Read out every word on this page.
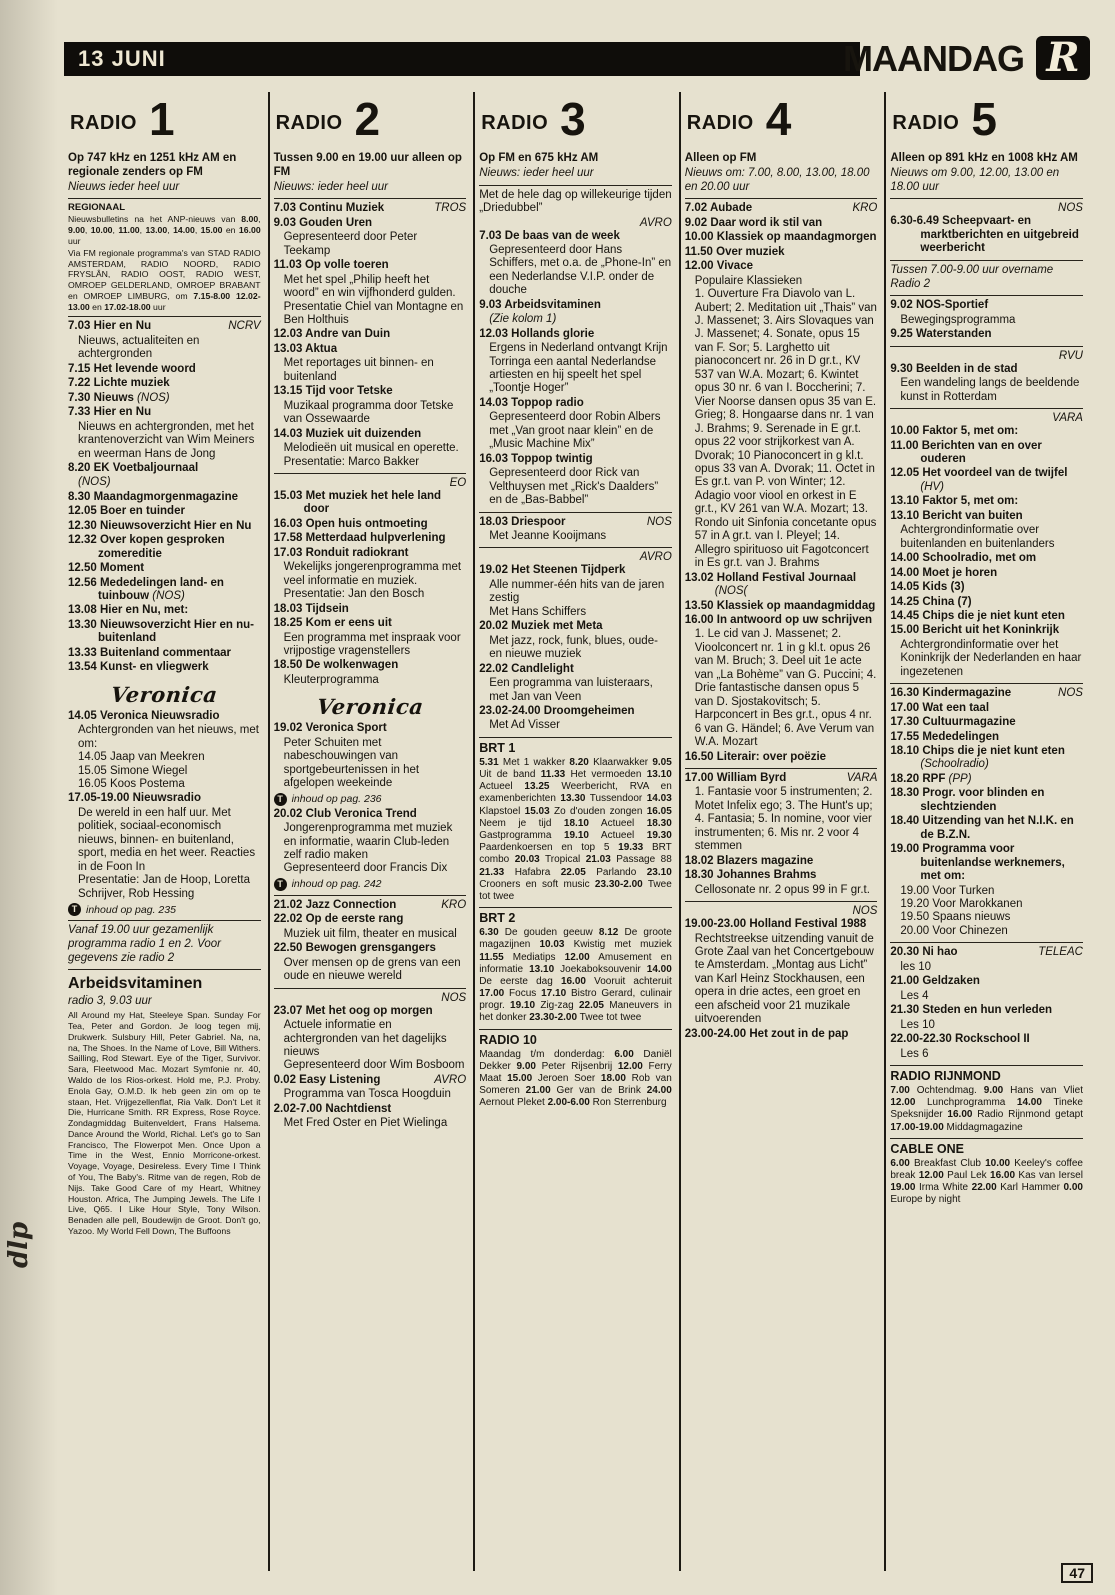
13 JUNI	MAANDAG R
RADIO 1
Op 747 kHz en 1251 kHz AM en regionale zenders op FM
Nieuws ieder heel uur
REGIONAAL
Nieuwsbulletins na het ANP-nieuws van 8.00, 9.00, 10.00, 11.00, 13.00, 14.00, 15.00 en 16.00 uur
Via FM regionale programma's van STAD RADIO AMSTERDAM, RADIO NOORD, RADIO FRYSLÂN, RADIO OOST, RADIO WEST, OMROEP GELDERLAND, OMROEP BRABANT en OMROEP LIMBURG, om 7.15-8.00 12.02-13.00 en 17.02-18.00 uur
NCRV
7.03 Hier en Nu
Nieuws, actualiteiten en achtergronden
7.15 Het levende woord
7.22 Lichte muziek
7.30 Nieuws (NOS)
7.33 Hier en Nu
Nieuws en achtergronden, met het krantenoverzicht van Wim Meiners en weerman Hans de Jong
8.20 EK Voetbaljournaal
(NOS)
8.30 Maandagmorgenmagazine
12.05 Boer en tuinder
12.30 Nieuwsoverzicht Hier en Nu
12.32 Over kopen gesproken zomereditie
12.50 Moment
12.56 Mededelingen land- en tuinbouw (NOS)
13.08 Hier en Nu, met:
13.30 Nieuwsoverzicht Hier en nu-buitenland
13.33 Buitenland commentaar
13.54 Kunst- en vliegwerk
Veronica
14.05 Veronica Nieuwsradio
Achtergronden van het nieuws, met om:
14.05 Jaap van Meekren
15.05 Simone Wiegel
16.05 Koos Postema
17.05-19.00 Nieuwsradio
De wereld in een half uur. Met politiek, sociaal-economisch nieuws, binnen- en buitenland, sport, media en het weer. Reacties in de Foon In
Presentatie: Jan de Hoop, Loretta Schrijver, Rob Hessing
T inhoud op pag. 235
Vanaf 19.00 uur gezamenlijk programma radio 1 en 2. Voor gegevens zie radio 2
Arbeidsvitaminen
radio 3, 9.03 uur
All Around my Hat, Steeleye Span. Sunday For Tea, Peter and Gordon. Je loog tegen mij, Drukwerk. Sulsbury Hill, Peter Gabriel. Na, na, na, The Shoes. In the Name of Love, Bill Withers. Sailling, Rod Stewart. Eye of the Tiger, Survivor. Sara, Fleetwood Mac. Mozart Symfonie nr. 40, Waldo de los Rios-orkest. Hold me, P.J. Proby. Enola Gay, O.M.D. Ik heb geen zin om op te staan, Het. Vrijgezellenflat, Ria Valk. Don't Let it Die, Hurricane Smith. RR Express, Rose Royce. Zondagmiddag Buitenveldert, Frans Halsema. Dance Around the World, Richal. Let's go to San Francisco, The Flowerpot Men. Once Upon a Time in the West, Ennio Morricone-orkest. Voyage, Voyage, Desireless. Every Time I Think of You, The Baby's. Ritme van de regen, Rob de Nijs. Take Good Care of my Heart, Whitney Houston. Africa, The Jumping Jewels. The Life I Live, Q65. I Like Hour Style, Tony Wilson. Benaden alle pell, Boudewijn de Groot. Don't go, Yazoo. My World Fell Down, The Buffoons
RADIO 2
Tussen 9.00 en 19.00 uur alleen op FM
Nieuws: ieder heel uur
TROS
7.03 Continu Muziek
9.03 Gouden Uren
Gepresenteerd door Peter Teekamp
11.03 Op volle toeren
Met het spel „Philip heeft het woord” en win vijfhonderd gulden. Presentatie Chiel van Montagne en Ben Holthuis
12.03 Andre van Duin
13.03 Aktua
Met reportages uit binnen- en buitenland
13.15 Tijd voor Tetske
Muzikaal programma door Tetske van Ossewaarde
14.03 Muziek uit duizenden
Melodieën uit musical en operette. Presentatie: Marco Bakker
EO
15.03 Met muziek het hele land door
16.03 Open huis ontmoeting
17.58 Metterdaad hulpverlening
17.03 Ronduit radiokrant
Wekelijks jongerenprogramma met veel informatie en muziek. Presentatie: Jan den Bosch
18.03 Tijdsein
18.25 Kom er eens uit
Een programma met inspraak voor vrijpostige vragenstellers
18.50 De wolkenwagen
Kleuterprogramma
Veronica
19.02 Veronica Sport
Peter Schuiten met nabeschouwingen van sportgebeurtenissen in het afgelopen weekeinde
T inhoud op pag. 236
20.02 Club Veronica Trend
Jongerenprogramma met muziek en informatie, waarin Club-leden zelf radio maken
Gepresenteerd door Francis Dix
T inhoud op pag. 242
KRO
21.02 Jazz Connection
22.02 Op de eerste rang
Muziek uit film, theater en musical
22.50 Bewogen grensgangers
Over mensen op de grens van een oude en nieuwe wereld
NOS
23.07 Met het oog op morgen
Actuele informatie en achtergronden van het dagelijks nieuws
Gepresenteerd door Wim Bosboom
AVRO
0.02 Easy Listening
Programma van Tosca Hoogduin
2.02-7.00 Nachtdienst
Met Fred Oster en Piet Wielinga
RADIO 3
Op FM en 675 kHz AM
Nieuws: ieder heel uur
Met de hele dag op willekeurige tijden „Driedubbel”
AVRO
7.03 De baas van de week
Gepresenteerd door Hans Schiffers, met o.a. de „Phone-In” en een Nederlandse V.I.P. onder de douche
9.03 Arbeidsvitaminen
(Zie kolom 1)
12.03 Hollands glorie
Ergens in Nederland ontvangt Krijn Torringa een aantal Nederlandse artiesten en hij speelt het spel „Toontje Hoger”
14.03 Toppop radio
Gepresenteerd door Robin Albers met „Van groot naar klein” en de „Music Machine Mix”
16.03 Toppop twintig
Gepresenteerd door Rick van Velthuysen met „Rick's Daalders” en de „Bas-Babbel”
NOS
18.03 Driespoor
Met Jeanne Kooijmans
AVRO
19.02 Het Steenen Tijdperk
Alle nummer-één hits van de jaren zestig
Met Hans Schiffers
20.02 Muziek met Meta
Met jazz, rock, funk, blues, oude- en nieuwe muziek
22.02 Candlelight
Een programma van luisteraars, met Jan van Veen
23.02-24.00 Droomgeheimen
Met Ad Visser
BRT 1
5.31 Met 1 wakker 8.20 Klaarwakker 9.05 Uit de band 11.33 Het vermoeden 13.10 Actueel 13.25 Weerbericht, RVA en examenberichten 13.30 Tussendoor 14.03 Klapstoel 15.03 Zo d'ouden zongen 16.05 Neem je tijd 18.10 Actueel 18.30 Gastprogramma 19.10 Actueel 19.30 Paardenkoersen en top 5 19.33 BRT combo 20.03 Tropical 21.03 Passage 88 21.33 Hafabra 22.05 Parlando 23.10 Crooners en soft music 23.30-2.00 Twee tot twee
BRT 2
6.30 De gouden geeuw 8.12 De groote magazijnen 10.03 Kwistig met muziek 11.55 Mediatips 12.00 Amusement en informatie 13.10 Joekaboksouvenir 14.00 De eerste dag 16.00 Vooruit achteruit 17.00 Focus 17.10 Bistro Gerard, culinair progr. 19.10 Zig-zag 22.05 Maneuvers in het donker 23.30-2.00 Twee tot twee
RADIO 10
Maandag t/m donderdag: 6.00 Daniël Dekker 9.00 Peter Rijsenbrij 12.00 Ferry Maat 15.00 Jeroen Soer 18.00 Rob van Someren 21.00 Ger van de Brink 24.00 Aernout Pleket 2.00-6.00 Ron Sterrenburg
RADIO 4
Alleen op FM
Nieuws om: 7.00, 8.00, 13.00, 18.00 en 20.00 uur
KRO
7.02 Aubade
9.02 Daar word ik stil van
10.00 Klassiek op maandagmorgen
11.50 Over muziek
12.00 Vivace
Populaire Klassieken
1. Ouverture Fra Diavolo van L. Aubert; 2. Meditation uit „Thais” van J. Massenet; 3. Airs Slovaques van J. Massenet; 4. Sonate, opus 15 van F. Sor; 5. Larghetto uit pianoconcert nr. 26 in D gr.t., KV 537 van W.A. Mozart; 6. Kwintet opus 30 nr. 6 van I. Boccherini; 7. Vier Noorse dansen opus 35 van E. Grieg; 8. Hongaarse dans nr. 1 van J. Brahms; 9. Serenade in E gr.t. opus 22 voor strijkorkest van A. Dvorak; 10 Pianoconcert in g kl.t. opus 33 van A. Dvorak; 11. Octet in Es gr.t. van P. von Winter; 12. Adagio voor viool en orkest in E gr.t., KV 261 van W.A. Mozart; 13. Rondo uit Sinfonia concetante opus 57 in A gr.t. van I. Pleyel; 14. Allegro spirituoso uit Fagotconcert in Es gr.t. van J. Brahms
13.02 Holland Festival Journaal (NOS(
13.50 Klassiek op maandagmiddag
16.00 In antwoord op uw schrijven
1. Le cid van J. Massenet; 2. Vioolconcert nr. 1 in g kl.t. opus 26 van M. Bruch; 3. Deel uit 1e acte van „La Bohème” van G. Puccini; 4. Drie fantastische dansen opus 5 van D. Sjostakovitsch; 5. Harpconcert in Bes gr.t., opus 4 nr. 6 van G. Händel; 6. Ave Verum van W.A. Mozart
16.50 Literair: over poëzie
VARA
17.00 William Byrd
1. Fantasie voor 5 instrumenten; 2. Motet Infelix ego; 3. The Hunt's up; 4. Fantasia; 5. In nomine, voor vier instrumenten; 6. Mis nr. 2 voor 4 stemmen
18.02 Blazers magazine
18.30 Johannes Brahms
Cellosonate nr. 2 opus 99 in F gr.t.
NOS
19.00-23.00 Holland Festival 1988
Rechtstreekse uitzending vanuit de Grote Zaal van het Concertgebouw te Amsterdam. „Montag aus Licht” van Karl Heinz Stockhausen, een opera in drie actes, een groet en een afscheid voor 21 muzikale uitvoerenden
23.00-24.00 Het zout in de pap
RADIO 5
Alleen op 891 kHz en 1008 kHz AM
Nieuws om 9.00, 12.00, 13.00 en 18.00 uur
NOS
6.30-6.49 Scheepvaart- en marktberichten en uitgebreid weerbericht
Tussen 7.00-9.00 uur overname Radio 2
9.02 NOS-Sportief
Bewegingsprogramma
9.25 Waterstanden
RVU
9.30 Beelden in de stad
Een wandeling langs de beeldende kunst in Rotterdam
VARA
10.00 Faktor 5, met om:
11.00 Berichten van en over ouderen
12.05 Het voordeel van de twijfel (HV)
13.10 Faktor 5, met om:
13.10 Bericht van buiten
Achtergrondinformatie over buitenlanden en buitenlanders
14.00 Schoolradio, met om
14.00 Moet je horen
14.05 Kids (3)
14.25 China (7)
14.45 Chips die je niet kunt eten
15.00 Bericht uit het Koninkrijk
Achtergrondinformatie over het Koninkrijk der Nederlanden en haar ingezetenen
NOS
16.30 Kindermagazine
17.00 Wat een taal
17.30 Cultuurmagazine
17.55 Mededelingen
18.10 Chips die je niet kunt eten (Schoolradio)
18.20 RPF (PP)
18.30 Progr. voor blinden en slechtzienden
18.40 Uitzending van het N.I.K. en de B.Z.N.
19.00 Programma voor buitenlandse werknemers, met om:
19.00 Voor Turken
19.20 Voor Marokkanen
19.50 Spaans nieuws
20.00 Voor Chinezen
TELEAC
20.30 Ni hao
les 10
21.00 Geldzaken
Les 4
21.30 Steden en hun verleden
Les 10
22.00-22.30 Rockschool II
Les 6
RADIO RIJNMOND
7.00 Ochtendmag. 9.00 Hans van Vliet 12.00 Lunchprogramma 14.00 Tineke Speksnijder 16.00 Radio Rijnmond getapt 17.00-19.00 Middagmagazine
CABLE ONE
6.00 Breakfast Club 10.00 Keeley's coffee break 12.00 Paul Lek 16.00 Kas van Iersel 19.00 Irma White 22.00 Karl Hammer 0.00 Europe by night
dlp
47
